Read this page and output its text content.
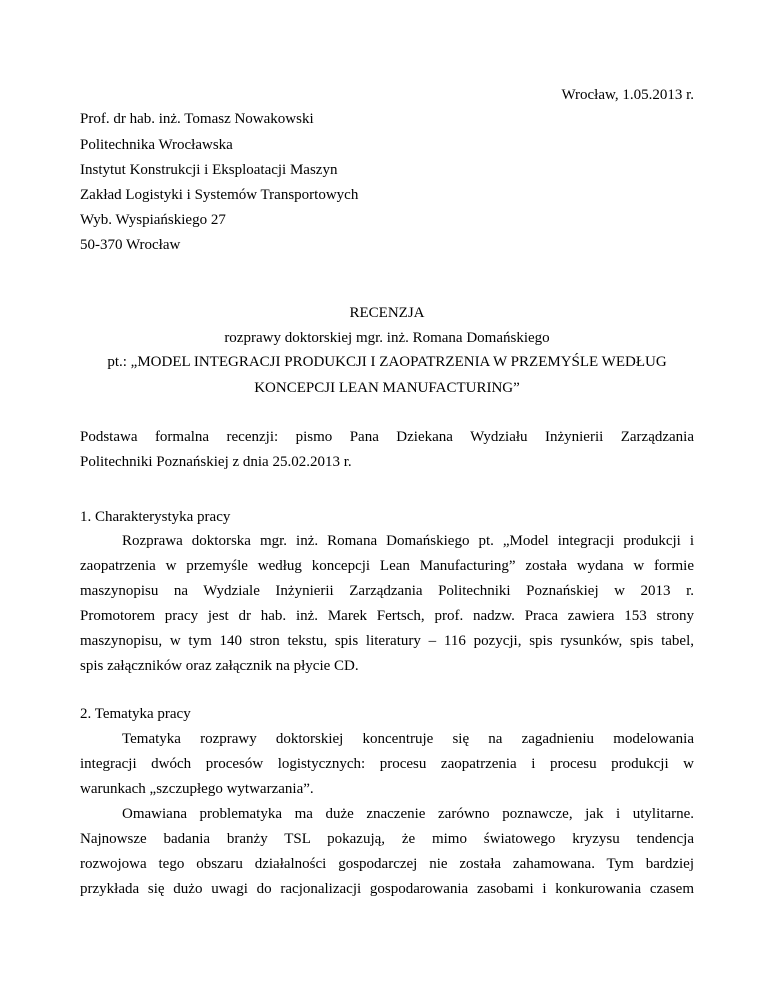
Wrocław, 1.05.2013 r.
Prof. dr hab. inż. Tomasz Nowakowski
Politechnika Wrocławska
Instytut Konstrukcji i Eksploatacji Maszyn
Zakład Logistyki i Systemów Transportowych
Wyb. Wyspiańskiego 27
50-370 Wrocław
RECENZJA
rozprawy doktorskiej mgr. inż. Romana Domańskiego
pt.: „MODEL INTEGRACJI PRODUKCJI I ZAOPATRZENIA W PRZEMYŚLE WEDŁUG
KONCEPCJI LEAN MANUFACTURING”
Podstawa formalna recenzji: pismo Pana Dziekana Wydziału Inżynierii Zarządzania
Politechniki Poznańskiej z dnia 25.02.2013 r.
1. Charakterystyka pracy
Rozprawa doktorska mgr. inż. Romana Domańskiego pt. „Model integracji produkcji i
zaopatrzenia w przemyśle według koncepcji Lean Manufacturing” została wydana w formie
maszynopisu na Wydziale Inżynierii Zarządzania Politechniki Poznańskiej w 2013 r.
Promotorem pracy jest dr hab. inż. Marek Fertsch, prof. nadzw. Praca zawiera 153 strony
maszynopisu, w tym 140 stron tekstu, spis literatury – 116 pozycji, spis rysunków, spis tabel,
spis załączników oraz załącznik na płycie CD.
2. Tematyka pracy
Tematyka rozprawy doktorskiej koncentruje się na zagadnieniu modelowania
integracji dwóch procesów logistycznych: procesu zaopatrzenia i procesu produkcji w
warunkach „szczupłego wytwarzania”.
Omawiana problematyka ma duże znaczenie zarówno poznawcze, jak i utylitarne.
Najnowsze badania branży TSL pokazują, że mimo światowego kryzysu tendencja
rozwojowa tego obszaru działalności gospodarczej nie została zahamowana. Tym bardziej
przykłada się dużo uwagi do racjonalizacji gospodarowania zasobami i konkurowania czasem
